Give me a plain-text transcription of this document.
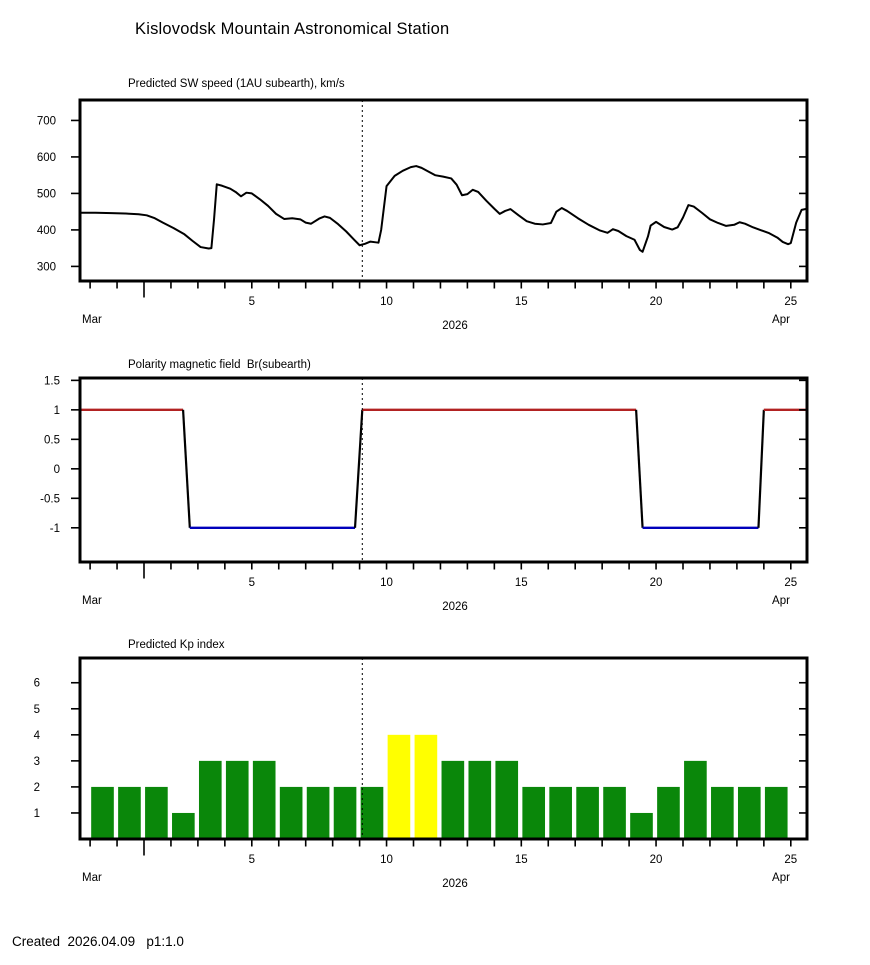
Kislovodsk Mountain Astronomical Station
Predicted SW speed (1AU subearth), km/s
300
400
500
600
700
5	10	15	20	25
Mar	Apr
2026
Polarity magnetic field  Br(subearth)
1.5
1
0.5
0
-0.5
-1
5	10	15	20	25
Mar	Apr
2026
Predicted Kp index
1
2
3
4
5
6
5	10	15	20	25
Mar	Apr
2026
Created  2026.04.09   p1:1.0
